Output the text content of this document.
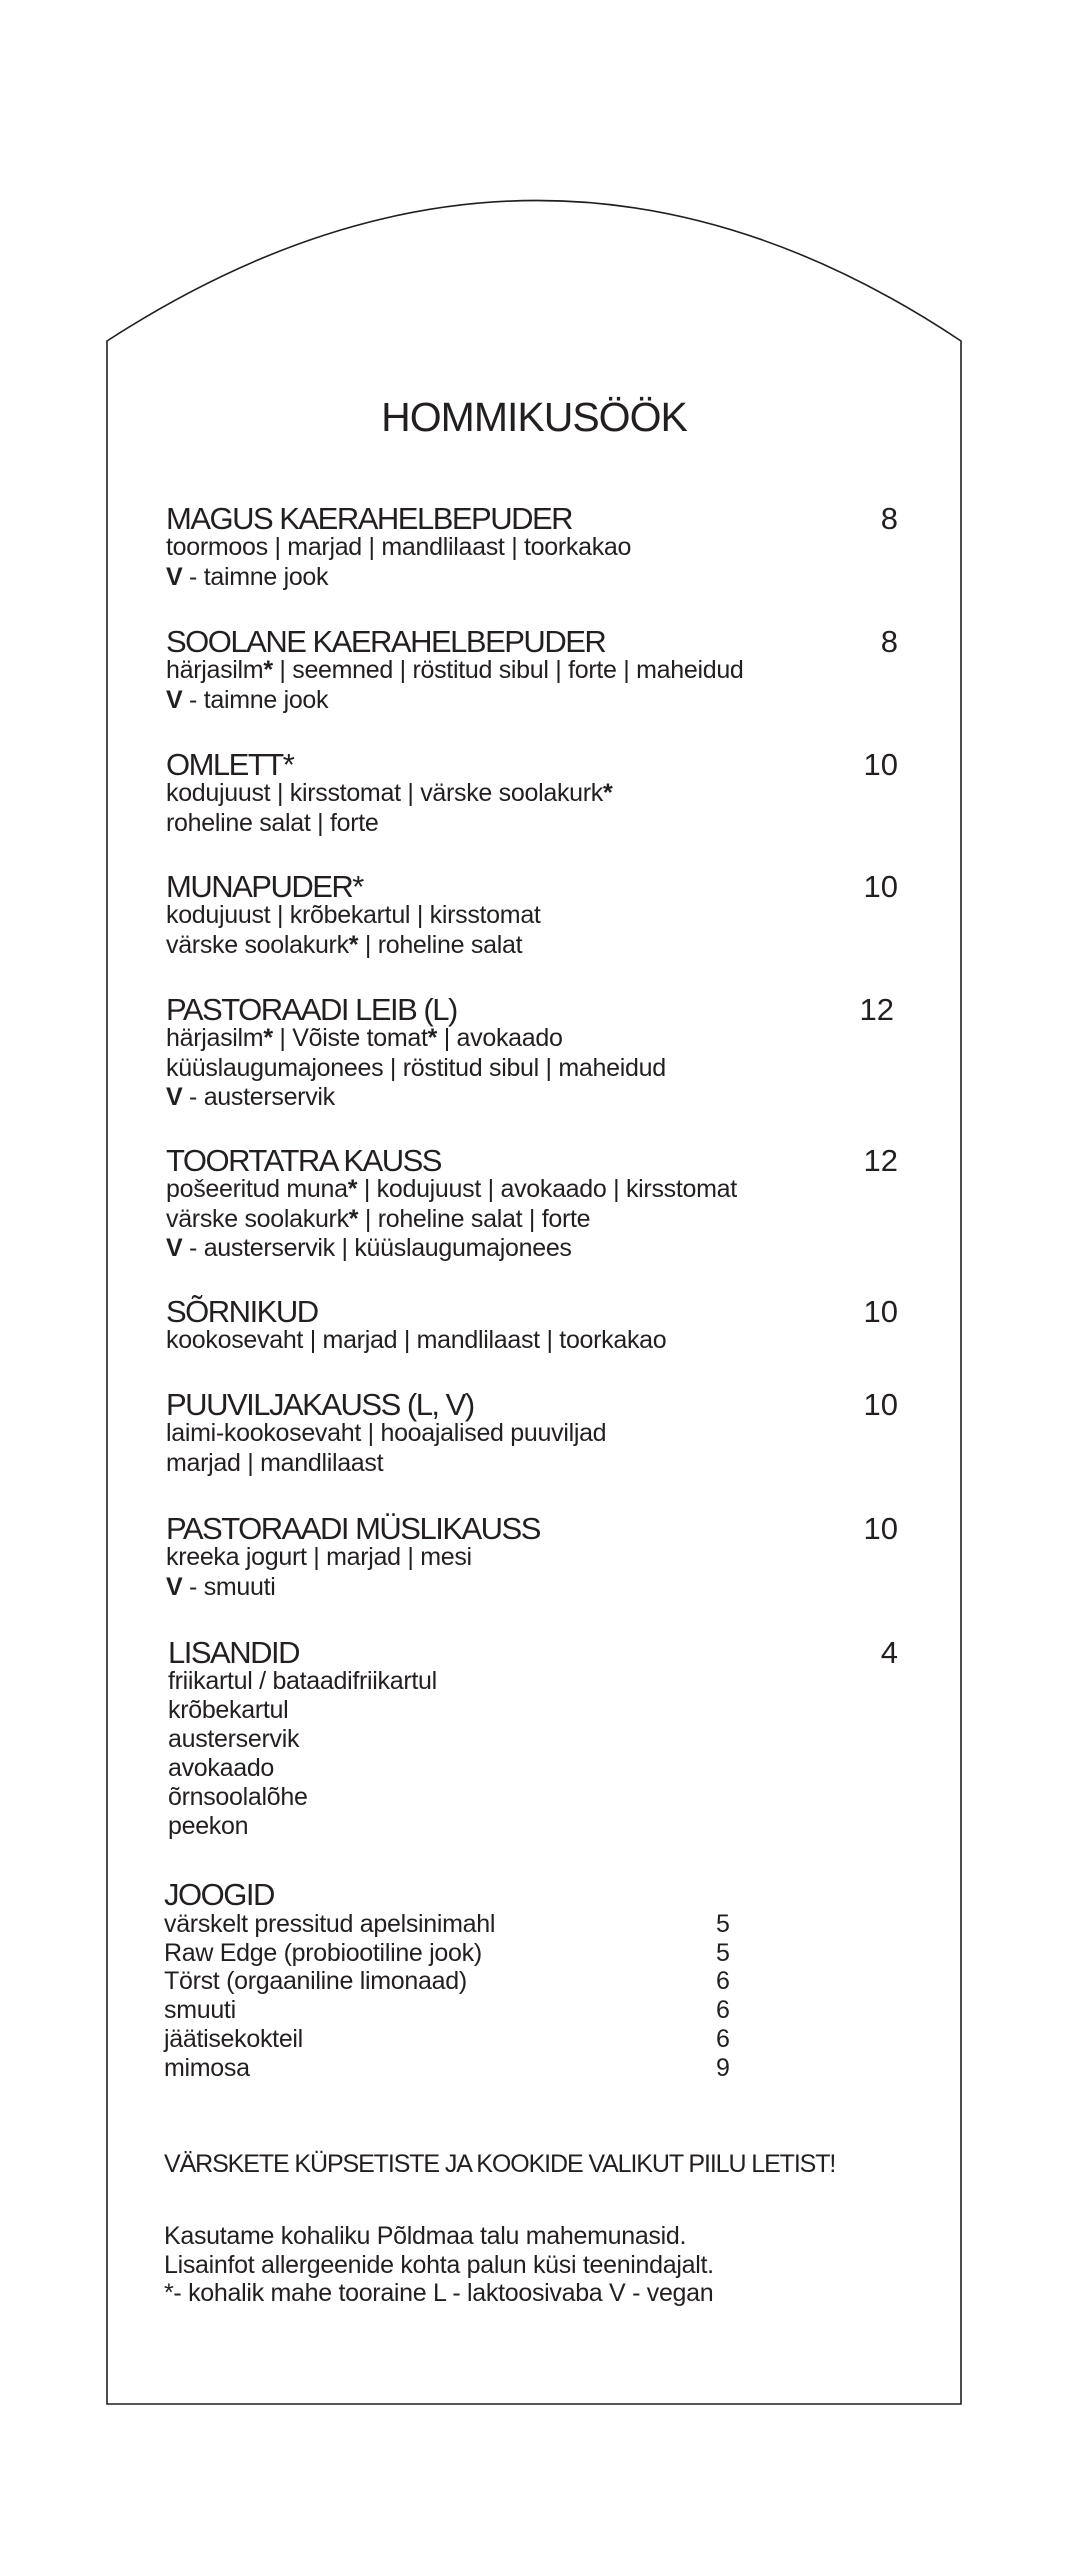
HOMMIKUSÖÖK
MAGUS KAERAHELBEPUDER	8
toormoos | marjad | mandlilaast | toorkakao
V - taimne jook
SOOLANE KAERAHELBEPUDER	8
härjasilm* | seemned | röstitud sibul | forte | maheidud
V - taimne jook
OMLETT*	10
kodujuust | kirsstomat | värske soolakurk*
roheline salat | forte
MUNAPUDER*	10
kodujuust | krõbekartul | kirsstomat
värske soolakurk* | roheline salat
PASTORAADI LEIB (L)	12
härjasilm* | Võiste tomat* | avokaado
küüslaugumajonees | röstitud sibul | maheidud
V - austerservik
TOORTATRA KAUSS	12
pošeeritud muna* | kodujuust | avokaado | kirsstomat
värske soolakurk* | roheline salat | forte
V - austerservik | küüslaugumajonees
SÕRNIKUD	10
kookosevaht | marjad | mandlilaast | toorkakao
PUUVILJAKAUSS (L, V)	10
laimi-kookosevaht | hooajalised puuviljad
marjad | mandlilaast
PASTORAADI MÜSLIKAUSS	10
kreeka jogurt | marjad | mesi
V - smuuti
LISANDID	4
friikartul / bataadifriikartul
krõbekartul
austerservik
avokaado
õrnsoolalõhe
peekon
JOOGID
värskelt pressitud apelsinimahl	5
Raw Edge (probiootiline jook)	5
Törst (orgaaniline limonaad)	6
smuuti	6
jäätisekokteil	6
mimosa	9
VÄRSKETE KÜPSETISTE JA KOOKIDE VALIKUT PIILU LETIST!
Kasutame kohaliku Põldmaa talu mahemunasid.
Lisainfot allergeenide kohta palun küsi teenindajalt.
*- kohalik mahe tooraine L - laktoosivaba V - vegan
